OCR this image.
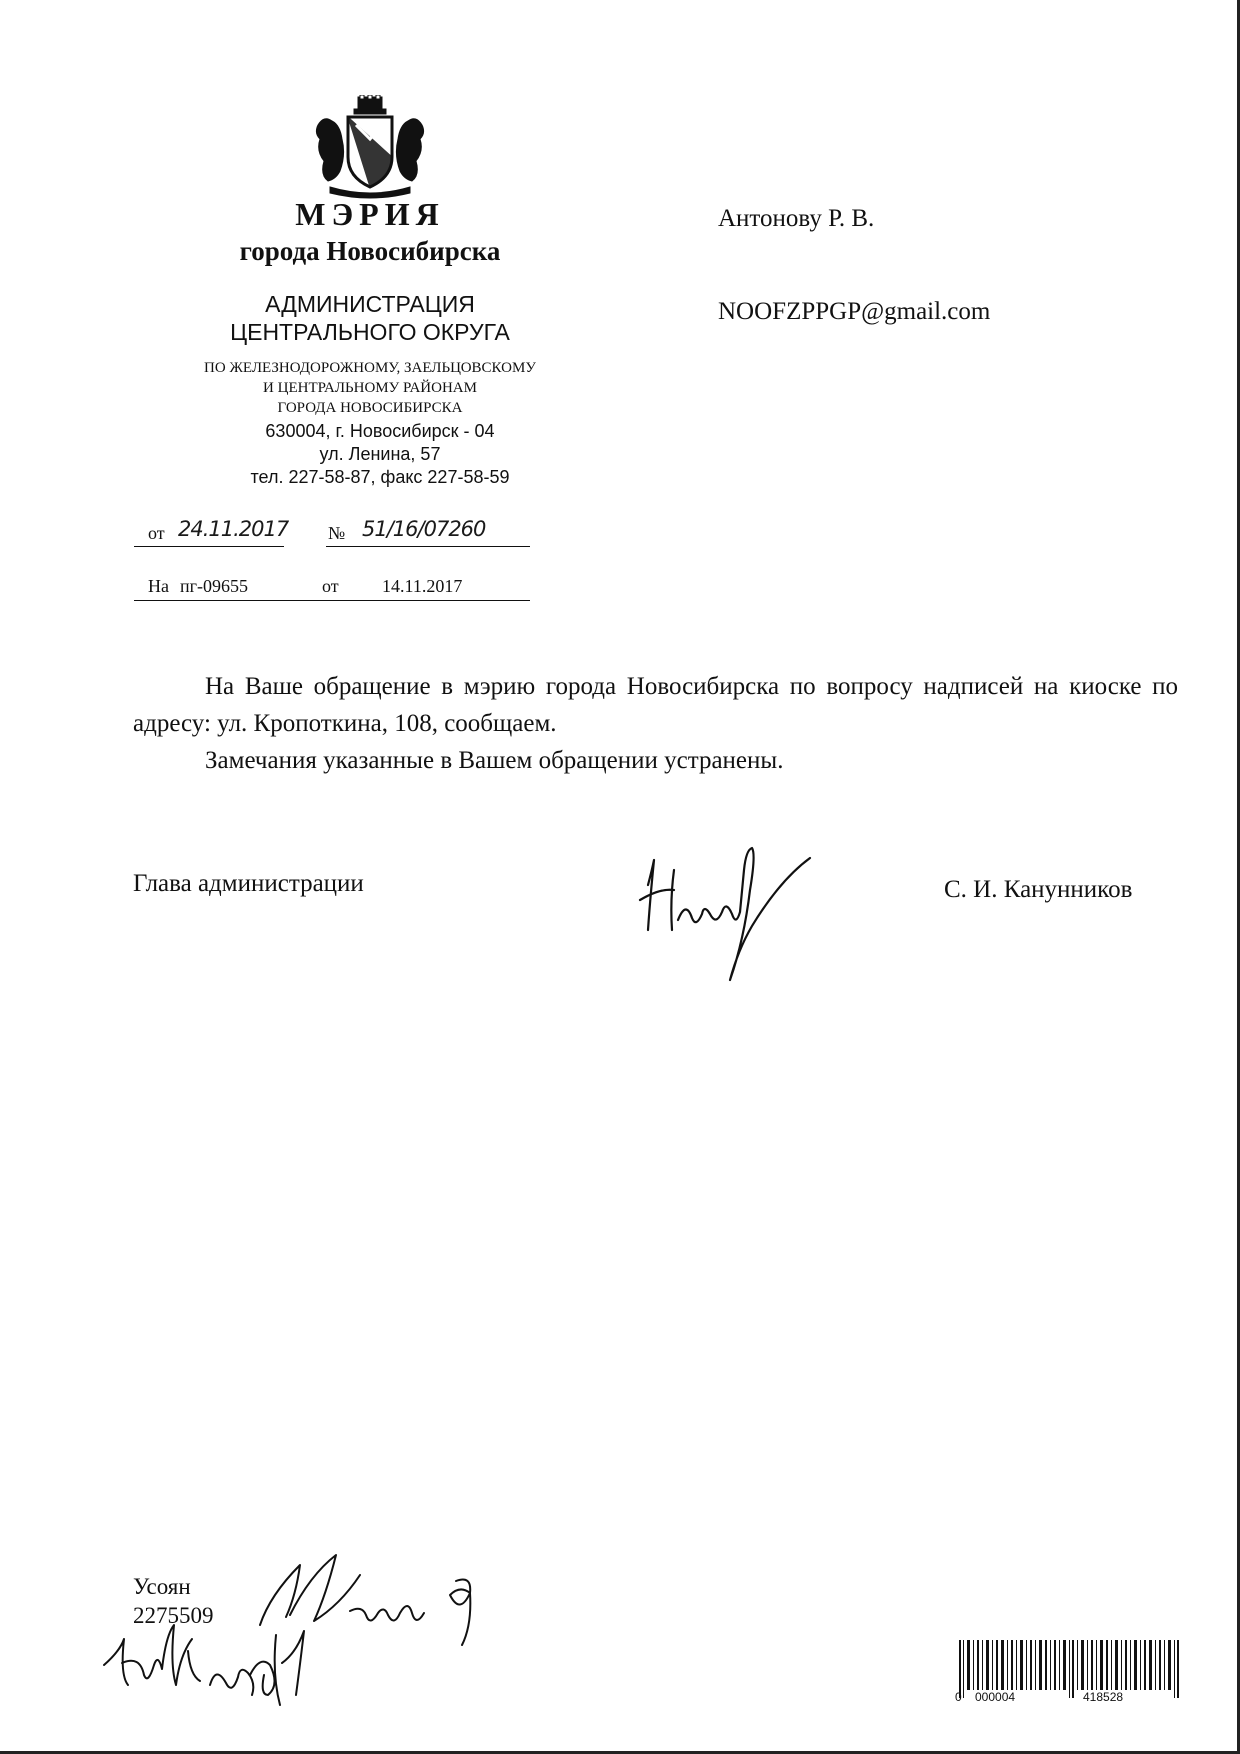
МЭРИЯ
города Новосибирска
АДМИНИСТРАЦИЯ
ЦЕНТРАЛЬНОГО ОКРУГА
ПО ЖЕЛЕЗНОДОРОЖНОМУ, ЗАЕЛЬЦОВСКОМУ
И ЦЕНТРАЛЬНОМУ РАЙОНАМ
ГОРОДА НОВОСИБИРСКА
630004, г. Новосибирск - 04
ул. Ленина, 57
тел. 227-58-87, факс 227-58-59
от 24.11.2017 № 51/16/07260
На пг-09655	от 14.11.2017
Антонову Р. В.
NOOFZPPGP@gmail.com
На Ваше обращение в мэрию города Новосибирска по вопросу надписей на киоске по адресу: ул. Кропоткина, 108, сообщаем.
Замечания указанные в Вашем обращении устранены.
Глава администрации	С. И. Канунников
Усоян
2275509
0 000004	418528
